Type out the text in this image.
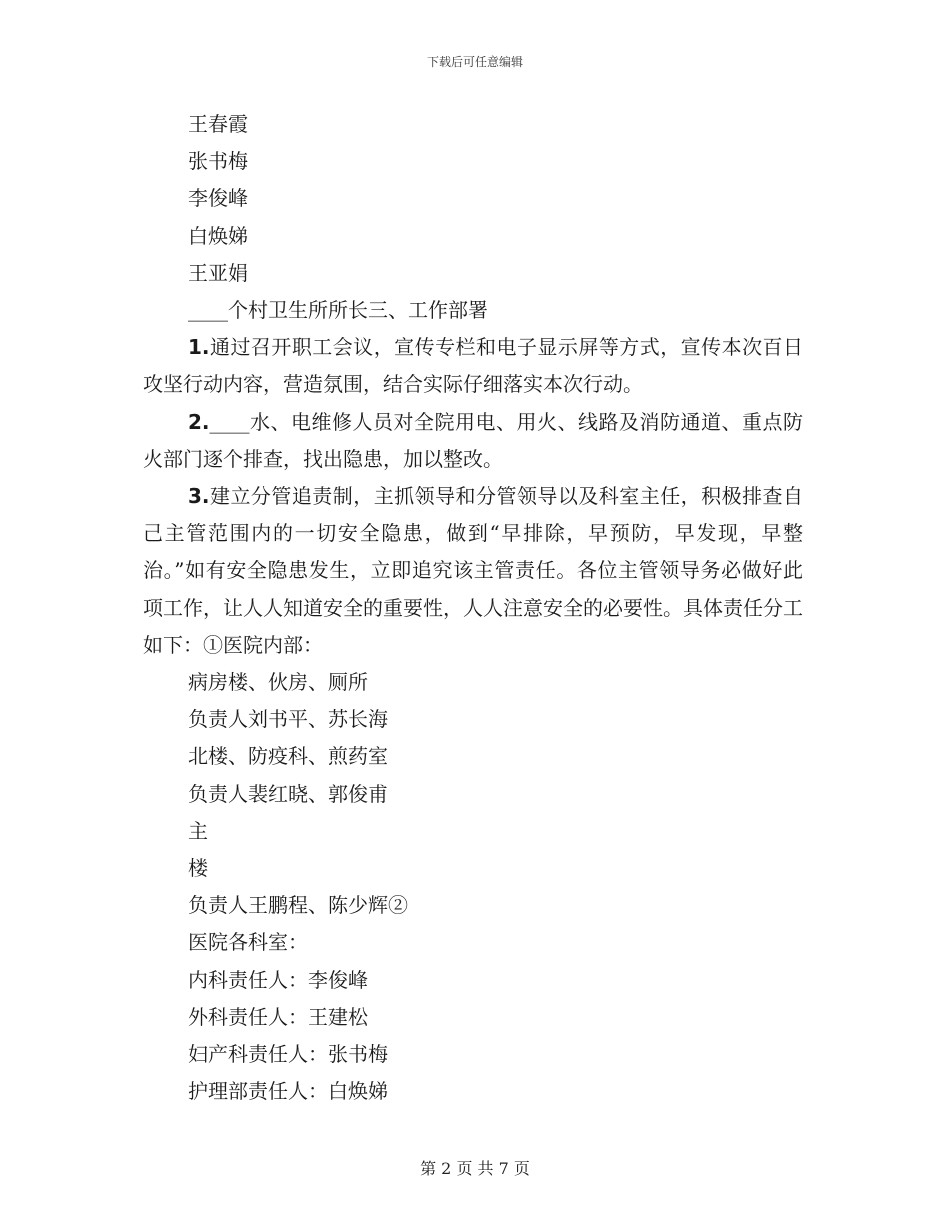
下载后可任意编辑

王春霞

张书梅

李俊峰

白焕娣

王亚娟

____个村卫生所所长三、工作部署

1.通过召开职工会议，宣传专栏和电子显示屏等方式，宣传本次百日攻坚行动内容，营造氛围，结合实际仔细落实本次行动。

2.____水、电维修人员对全院用电、用火、线路及消防通道、重点防火部门逐个排查，找出隐患，加以整改。

3.建立分管追责制，主抓领导和分管领导以及科室主任，积极排查自己主管范围内的一切安全隐患，做到“早排除，早预防，早发现，早整治。”如有安全隐患发生，立即追究该主管责任。各位主管领导务必做好此项工作，让人人知道安全的重要性，人人注意安全的必要性。具体责任分工如下：①医院内部：

病房楼、伙房、厕所

负责人刘书平、苏长海

北楼、防疫科、煎药室

负责人裴红晓、郭俊甫

主

楼

负责人王鹏程、陈少辉②

医院各科室：

内科责任人：李俊峰

外科责任人：王建松

妇产科责任人：张书梅

护理部责任人：白焕娣

第 2 页 共 7 页
